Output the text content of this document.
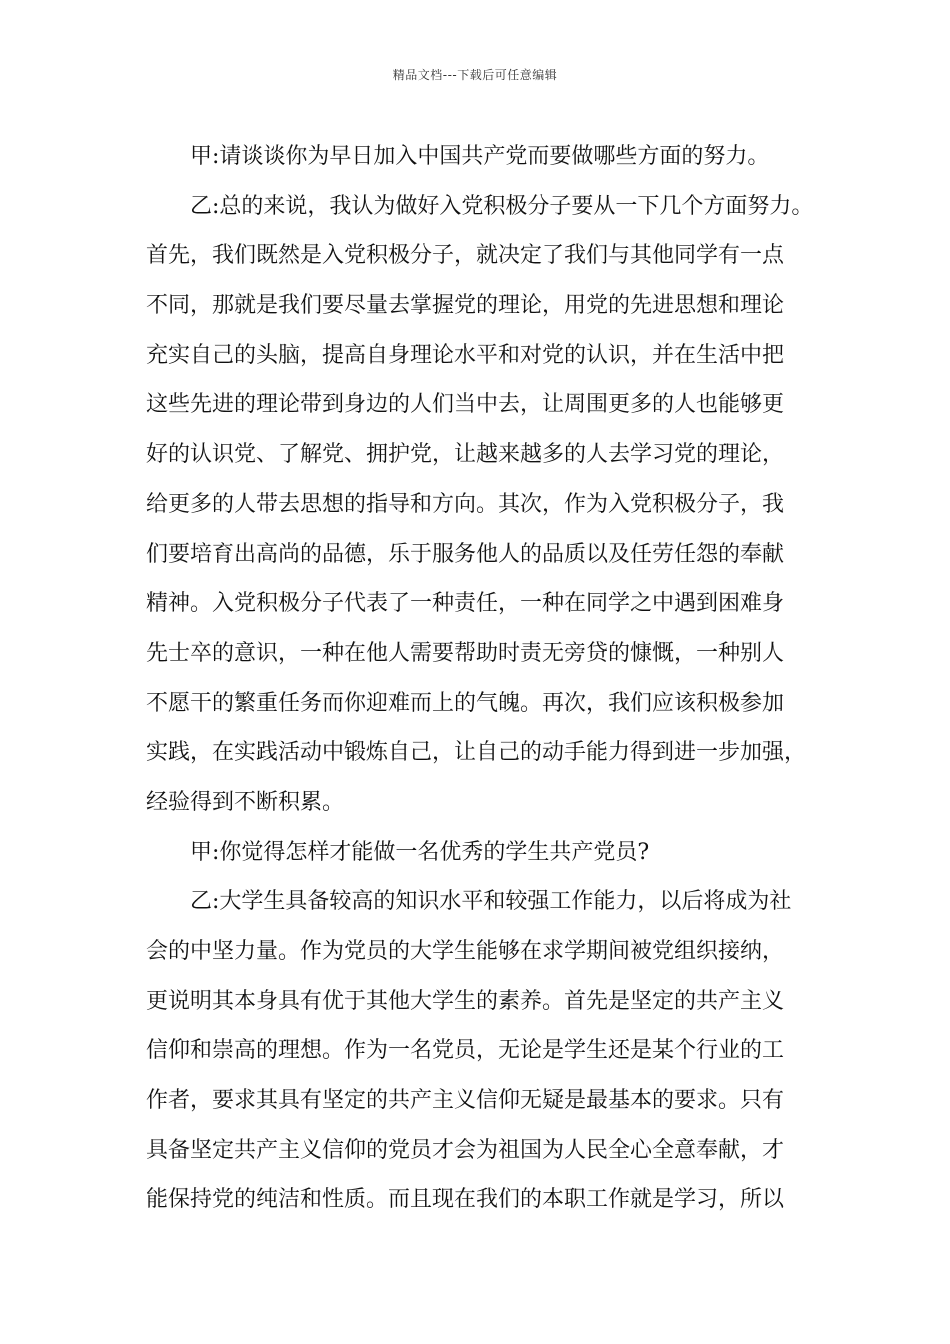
精品文档---下载后可任意编辑
甲:请谈谈你为早日加入中国共产党而要做哪些方面的努力。
乙:总的来说，我认为做好入党积极分子要从一下几个方面努力。
首先，我们既然是入党积极分子，就决定了我们与其他同学有一点
不同，那就是我们要尽量去掌握党的理论，用党的先进思想和理论
充实自己的头脑，提高自身理论水平和对党的认识，并在生活中把
这些先进的理论带到身边的人们当中去，让周围更多的人也能够更
好的认识党、了解党、拥护党，让越来越多的人去学习党的理论，
给更多的人带去思想的指导和方向。其次，作为入党积极分子，我
们要培育出高尚的品德，乐于服务他人的品质以及任劳任怨的奉献
精神。入党积极分子代表了一种责任，一种在同学之中遇到困难身
先士卒的意识，一种在他人需要帮助时责无旁贷的慷慨，一种别人
不愿干的繁重任务而你迎难而上的气魄。再次，我们应该积极参加
实践，在实践活动中锻炼自己，让自己的动手能力得到进一步加强，
经验得到不断积累。
甲:你觉得怎样才能做一名优秀的学生共产党员?
乙:大学生具备较高的知识水平和较强工作能力，以后将成为社
会的中坚力量。作为党员的大学生能够在求学期间被党组织接纳，
更说明其本身具有优于其他大学生的素养。首先是坚定的共产主义
信仰和崇高的理想。作为一名党员，无论是学生还是某个行业的工
作者，要求其具有坚定的共产主义信仰无疑是最基本的要求。只有
具备坚定共产主义信仰的党员才会为祖国为人民全心全意奉献，才
能保持党的纯洁和性质。而且现在我们的本职工作就是学习，所以
